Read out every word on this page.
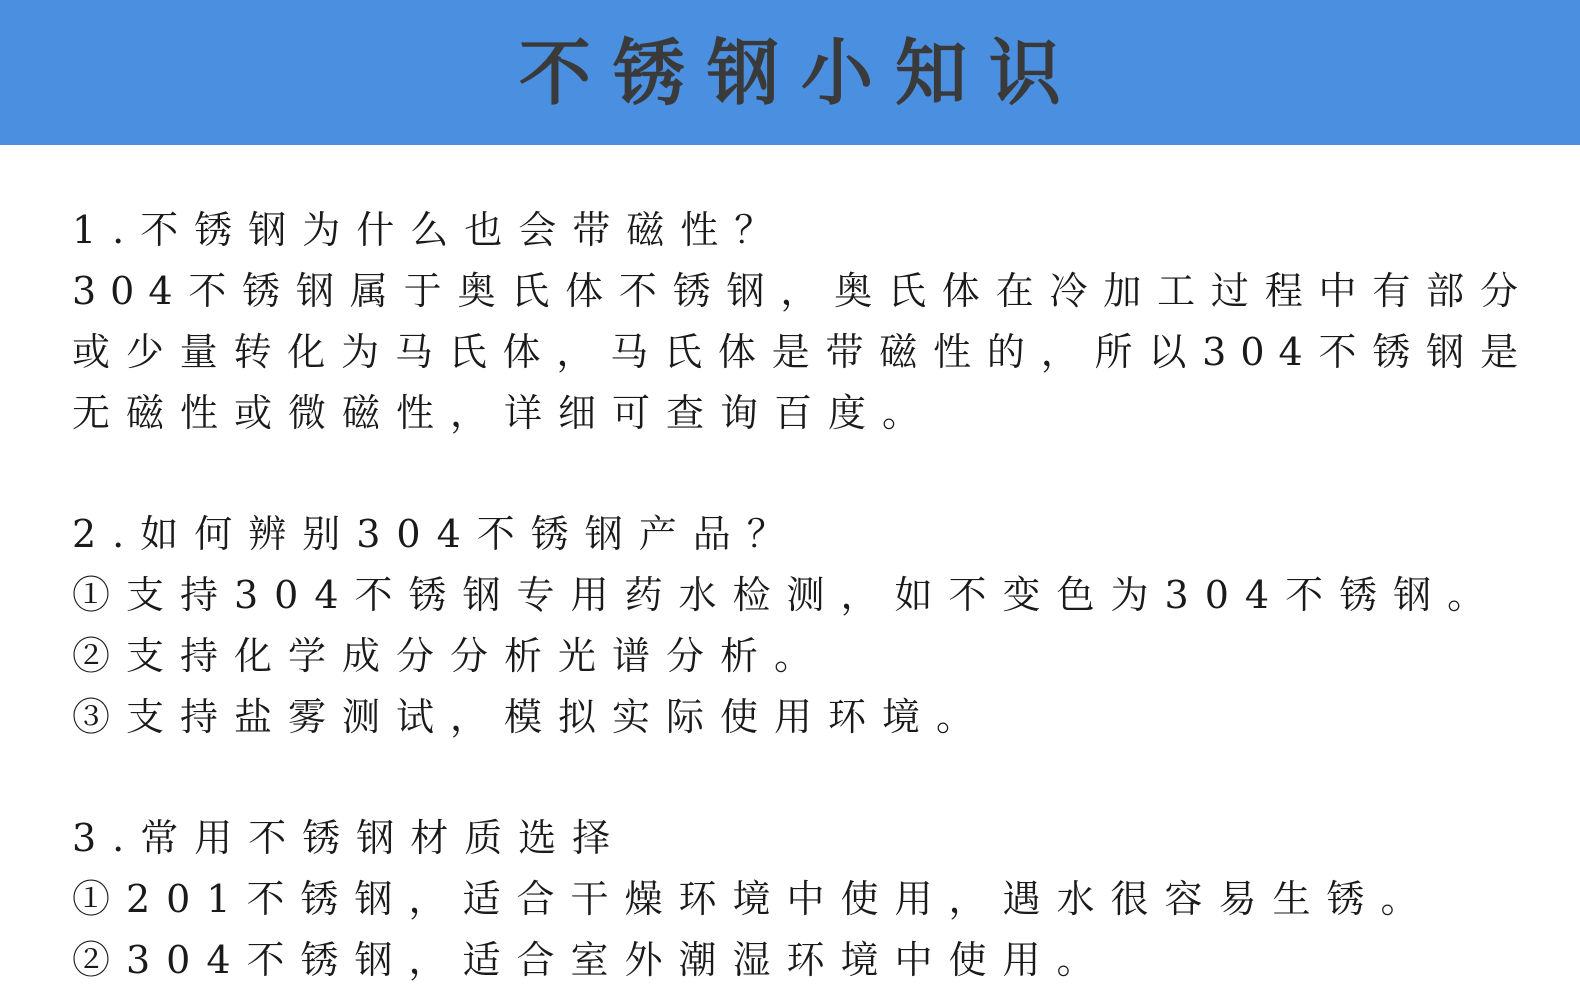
不锈钢小知识
1.不锈钢为什么也会带磁性？
304不锈钢属于奥氏体不锈钢，奥氏体在冷加工过程中有部分
或少量转化为马氏体，马氏体是带磁性的，所以304不锈钢是
无磁性或微磁性，详细可查询百度。
2.如何辨别304不锈钢产品？
①支持304不锈钢专用药水检测，如不变色为304不锈钢。
②支持化学成分分析光谱分析。
③支持盐雾测试，模拟实际使用环境。
3.常用不锈钢材质选择
①201不锈钢，适合干燥环境中使用，遇水很容易生锈。
②304不锈钢，适合室外潮湿环境中使用。
